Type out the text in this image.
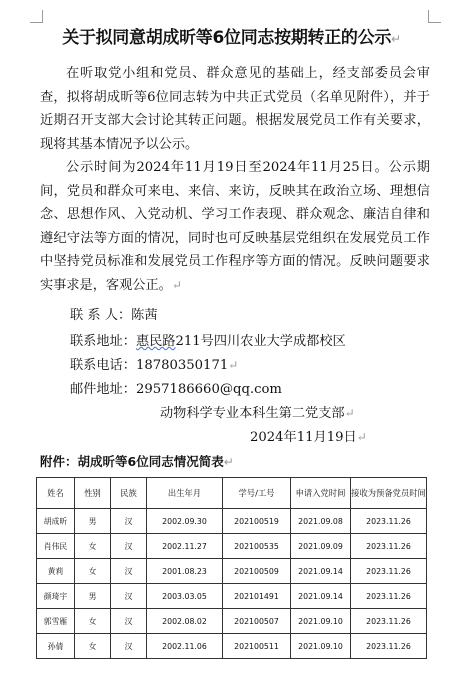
关于拟同意胡成昕等6位同志按期转正的公示↵
在听取党小组和党员、群众意见的基础上，经支部委员会审查，拟将胡成昕等6位同志转为中共正式党员（名单见附件），并于近期召开支部大会讨论其转正问题。根据发展党员工作有关要求，现将其基本情况予以公示。
公示时间为2024年11月19日至2024年11月25日。公示期间，党员和群众可来电、来信、来访，反映其在政治立场、理想信念、思想作风、入党动机、学习工作表现、群众观念、廉洁自律和遵纪守法等方面的情况，同时也可反映基层党组织在发展党员工作中坚持党员标准和发展党员工作程序等方面的情况。反映问题要求实事求是，客观公正。↵
联 系 人：陈茜
联系地址：惠民路211号四川农业大学成都校区
联系电话：18780350171↵
邮件地址：2957186660@qq.com
动物科学专业本科生第二党支部↵
2024年11月19日↵
附件：胡成昕等6位同志情况简表↵
姓名	性别	民族	出生年月	学号/工号	申请入党时间	接收为预备党员时间
胡成昕	男	汉	2002.09.30	202100519	2021.09.08	2023.11.26
肖伟民	女	汉	2002.11.27	202100535	2021.09.09	2023.11.26
黄莉	女	汉	2001.08.23	202100509	2021.09.14	2023.11.26
颜琦宇	男	汉	2003.03.05	202101491	2021.09.14	2023.11.26
郭雪雁	女	汉	2002.08.02	202100507	2021.09.10	2023.11.26
孙倩	女	汉	2002.11.06	202100511	2021.09.10	2023.11.26
